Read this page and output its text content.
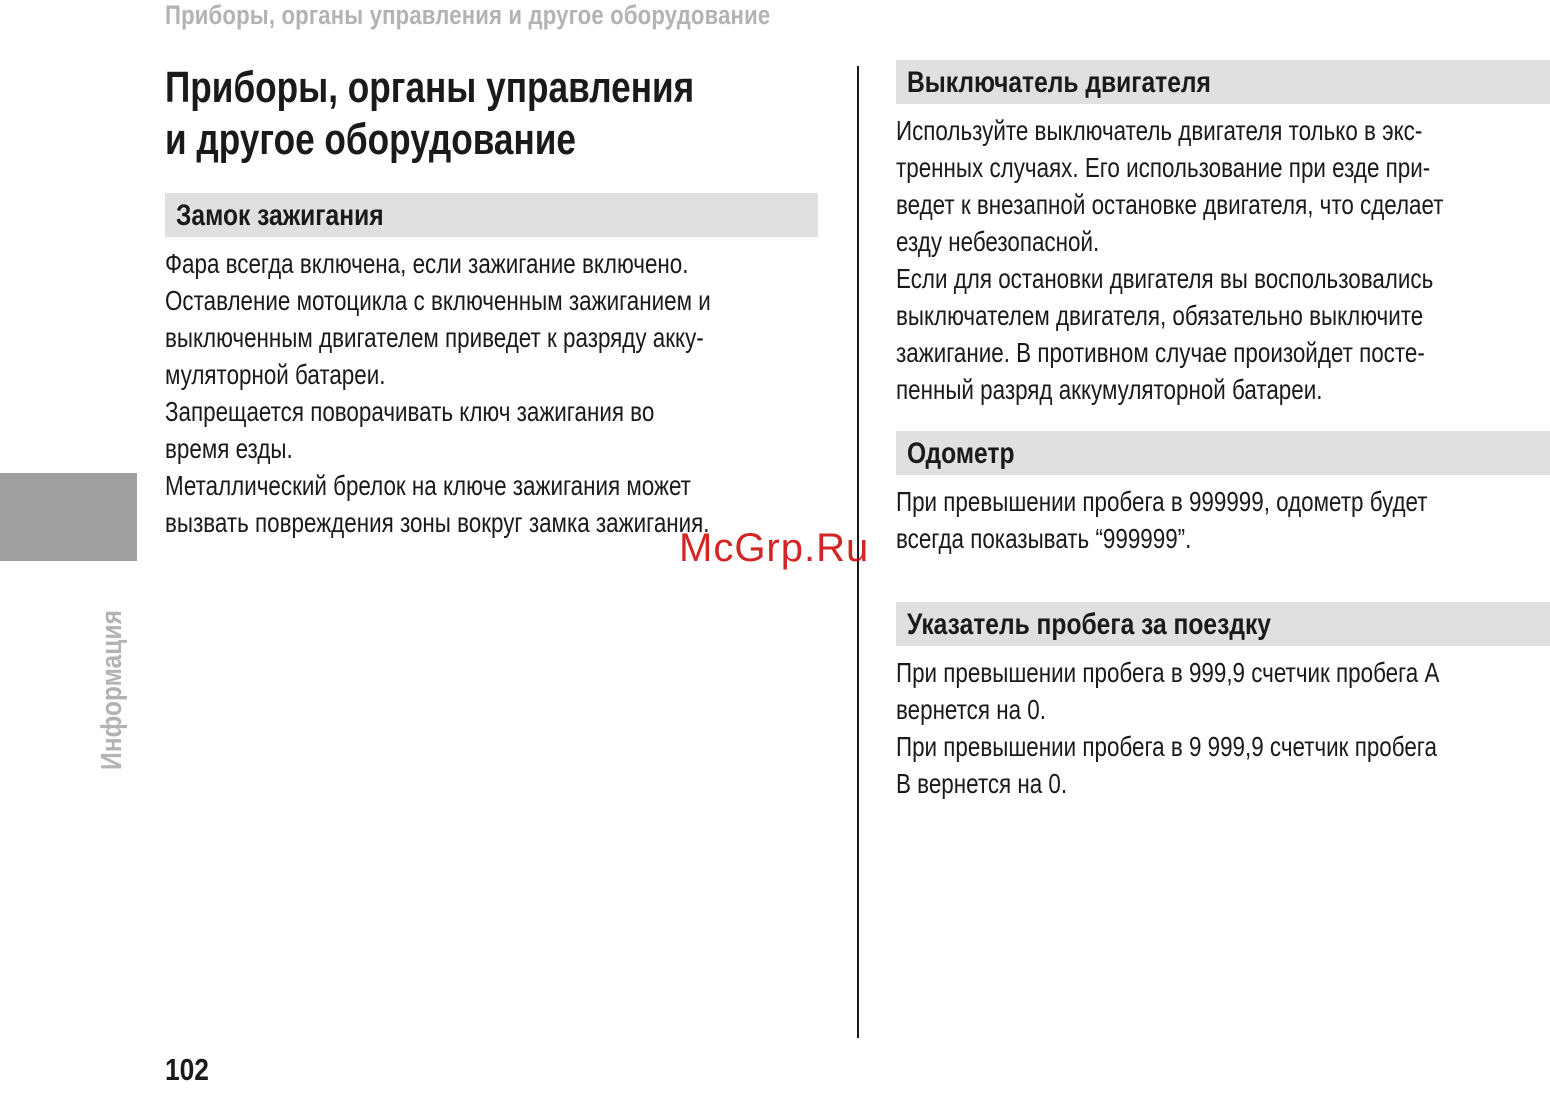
Приборы, органы управления и другое оборудование
Информация
Приборы, органы управления
и другое оборудование
Замок зажигания
Фара всегда включена, если зажигание включено.
Оставление мотоцикла с включенным зажиганием и
выключенным двигателем приведет к разряду акку-
муляторной батареи.
Запрещается поворачивать ключ зажигания во
время езды.
Металлический брелок на ключе зажигания может
вызвать повреждения зоны вокруг замка зажигания.
Выключатель двигателя
Используйте выключатель двигателя только в экс-
тренных случаях. Его использование при езде при-
ведет к внезапной остановке двигателя, что сделает
езду небезопасной.
Если для остановки двигателя вы воспользовались
выключателем двигателя, обязательно выключите
зажигание. В противном случае произойдет посте-
пенный разряд аккумуляторной батареи.
Одометр
При превышении пробега в 999999, одометр будет
всегда показывать “999999”.
Указатель пробега за поездку
При превышении пробега в 999,9 счетчик пробега А
вернется на 0.
При превышении пробега в 9 999,9 счетчик пробега
В вернется на 0.
McGrp.Ru
102
